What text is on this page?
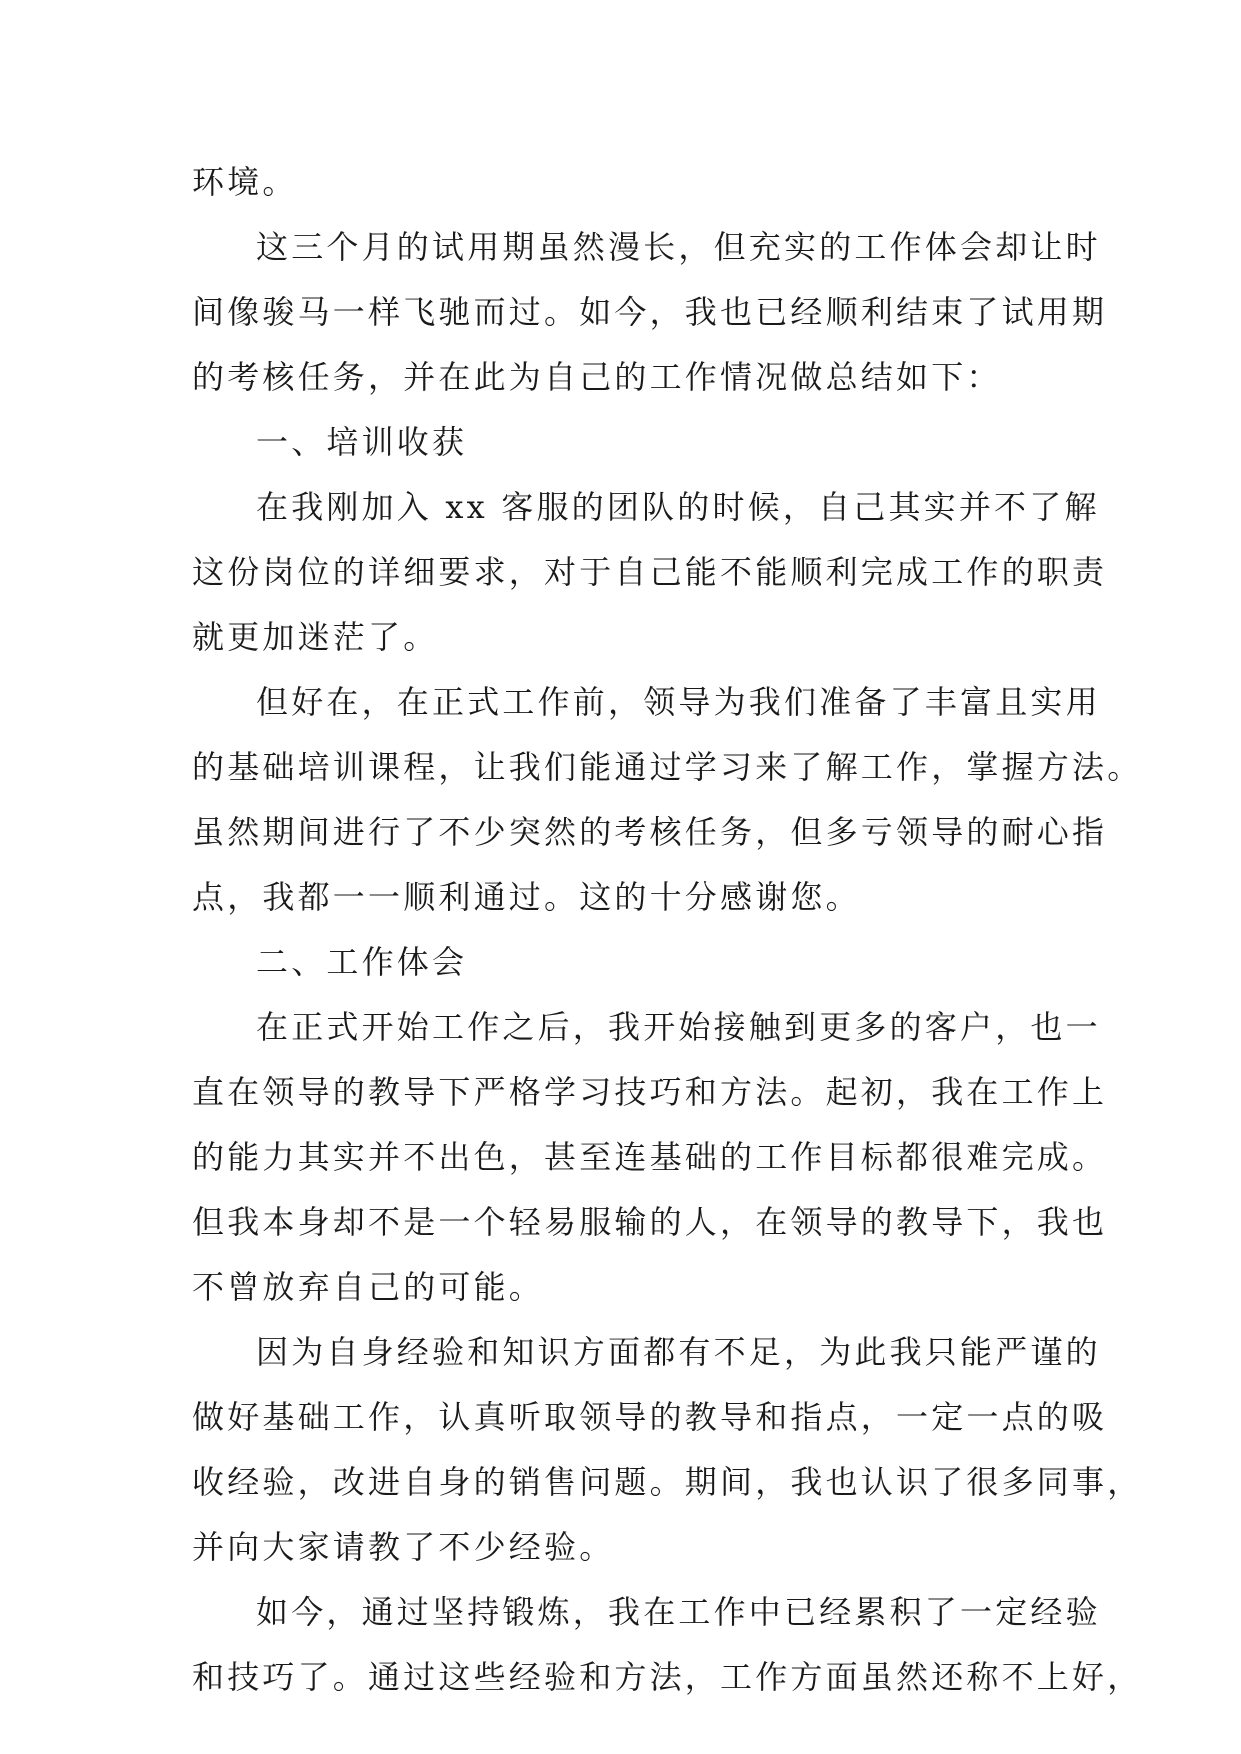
环境。
这三个月的试用期虽然漫长，但充实的工作体会却让时
间像骏马一样飞驰而过。如今，我也已经顺利结束了试用期
的考核任务，并在此为自己的工作情况做总结如下：
一、培训收获
在我刚加入 xx 客服的团队的时候，自己其实并不了解
这份岗位的详细要求，对于自己能不能顺利完成工作的职责
就更加迷茫了。
但好在，在正式工作前，领导为我们准备了丰富且实用
的基础培训课程，让我们能通过学习来了解工作，掌握方法。
虽然期间进行了不少突然的考核任务，但多亏领导的耐心指
点，我都一一顺利通过。这的十分感谢您。
二、工作体会
在正式开始工作之后，我开始接触到更多的客户，也一
直在领导的教导下严格学习技巧和方法。起初，我在工作上
的能力其实并不出色，甚至连基础的工作目标都很难完成。
但我本身却不是一个轻易服输的人，在领导的教导下，我也
不曾放弃自己的可能。
因为自身经验和知识方面都有不足，为此我只能严谨的
做好基础工作，认真听取领导的教导和指点，一定一点的吸
收经验，改进自身的销售问题。期间，我也认识了很多同事，
并向大家请教了不少经验。
如今，通过坚持锻炼，我在工作中已经累积了一定经验
和技巧了。通过这些经验和方法，工作方面虽然还称不上好，
